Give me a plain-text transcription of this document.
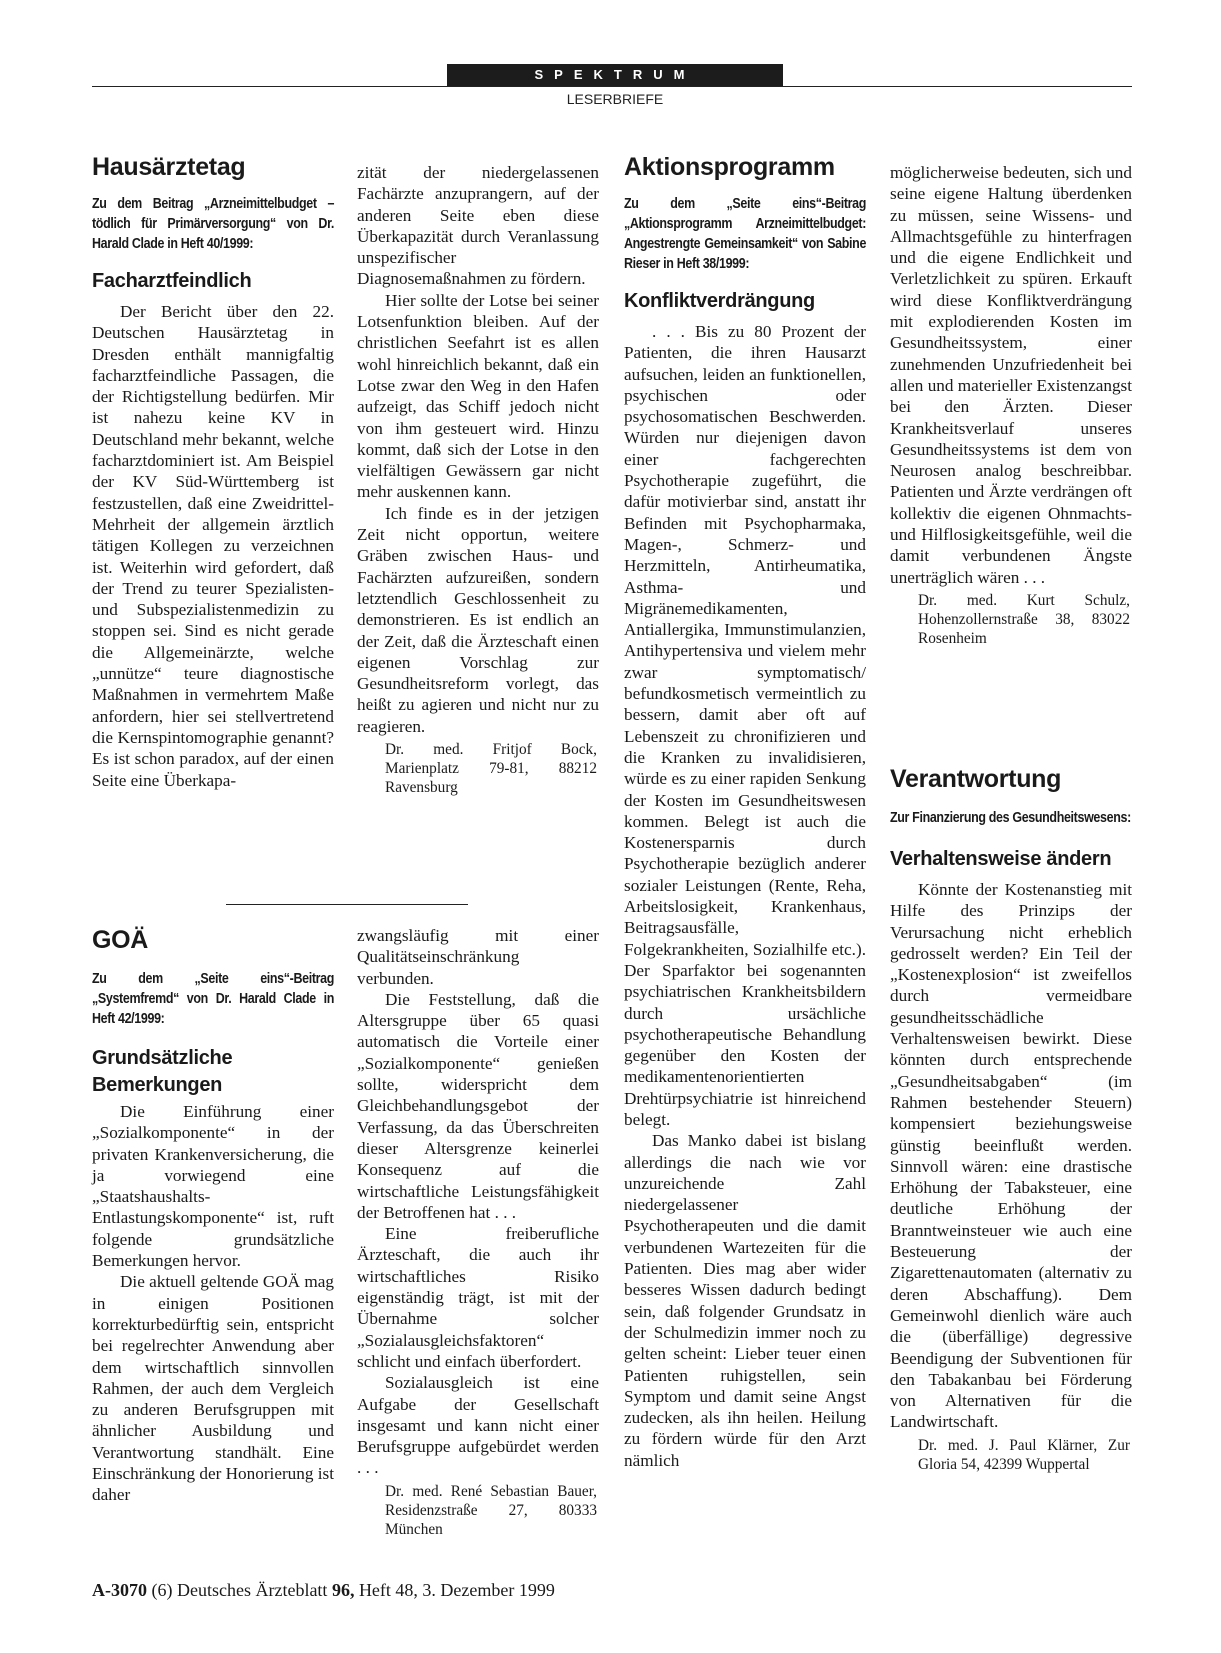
SPEKTRUM
LESERBRIEFE
Hausärztetag
Zu dem Beitrag „Arzneimittelbudget – tödlich für Primärversorgung“ von Dr. Harald Clade in Heft 40/1999:
Facharztfeindlich

Der Bericht über den 22. Deutschen Hausärztetag in Dresden enthält mannigfaltig facharztfeindliche Passagen, die der Richtigstellung bedürfen. Mir ist nahezu keine KV in Deutschland mehr bekannt, welche facharztdominiert ist. Am Beispiel der KV Süd-Württemberg ist festzustellen, daß eine Zweidrittel-Mehrheit der allgemein ärztlich tätigen Kollegen zu verzeichnen ist. Weiterhin wird gefordert, daß der Trend zu teurer Spezialisten- und Subspezialistenmedizin zu stoppen sei. Sind es nicht gerade die Allgemeinärzte, welche „unnütze“ teure diagnostische Maßnahmen in vermehrtem Maße anfordern, hier sei stellvertretend die Kernspintomographie genannt? Es ist schon paradox, auf der einen Seite eine Überkapa-

zität der niedergelassenen Fachärzte anzuprangern, auf der anderen Seite eben diese Überkapazität durch Veranlassung unspezifischer Diagnosemaßnahmen zu fördern.

Hier sollte der Lotse bei seiner Lotsenfunktion bleiben. Auf der christlichen Seefahrt ist es allen wohl hinreichlich bekannt, daß ein Lotse zwar den Weg in den Hafen aufzeigt, das Schiff jedoch nicht von ihm gesteuert wird. Hinzu kommt, daß sich der Lotse in den vielfältigen Gewässern gar nicht mehr auskennen kann.

Ich finde es in der jetzigen Zeit nicht opportun, weitere Gräben zwischen Haus- und Fachärzten aufzureißen, sondern letztendlich Geschlossenheit zu demonstrieren. Es ist endlich an der Zeit, daß die Ärzteschaft einen eigenen Vorschlag zur Gesundheitsreform vorlegt, das heißt zu agieren und nicht nur zu reagieren.

Dr. med. Fritjof Bock, Marienplatz 79-81, 88212 Ravensburg
GOÄ
Zu dem „Seite eins“-Beitrag „Systemfremd“ von Dr. Harald Clade in Heft 42/1999:
Grundsätzliche Bemerkungen

Die Einführung einer „Sozialkomponente“ in der privaten Krankenversicherung, die ja vorwiegend eine „Staatshaushalts-Entlastungskomponente“ ist, ruft folgende grundsätzliche Bemerkungen hervor.

Die aktuell geltende GOÄ mag in einigen Positionen korrekturbedürftig sein, entspricht bei regelrechter Anwendung aber dem wirtschaftlich sinnvollen Rahmen, der auch dem Vergleich zu anderen Berufsgruppen mit ähnlicher Ausbildung und Verantwortung standhält. Eine Einschränkung der Honorierung ist daher

zwangsläufig mit einer Qualitätseinschränkung verbunden.

Die Feststellung, daß die Altersgruppe über 65 quasi automatisch die Vorteile einer „Sozialkomponente“ genießen sollte, widerspricht dem Gleichbehandlungsgebot der Verfassung, da das Überschreiten dieser Altersgrenze keinerlei Konsequenz auf die wirtschaftliche Leistungsfähigkeit der Betroffenen hat . . .

Eine freiberufliche Ärzteschaft, die auch ihr wirtschaftliches Risiko eigenständig trägt, ist mit der Übernahme solcher „Sozialausgleichsfaktoren“ schlicht und einfach überfordert.

Sozialausgleich ist eine Aufgabe der Gesellschaft insgesamt und kann nicht einer Berufsgruppe aufgebürdet werden . . .

Dr. med. René Sebastian Bauer, Residenzstraße 27, 80333 München
Aktionsprogramm
Zu dem „Seite eins“-Beitrag „Aktionsprogramm Arzneimittelbudget: Angestrengte Gemeinsamkeit“ von Sabine Rieser in Heft 38/1999:
Konfliktverdrängung

. . . Bis zu 80 Prozent der Patienten, die ihren Hausarzt aufsuchen, leiden an funktionellen, psychischen oder psychosomatischen Beschwerden. Würden nur diejenigen davon einer fachgerechten Psychotherapie zugeführt, die dafür motivierbar sind, anstatt ihr Befinden mit Psychopharmaka, Magen-, Schmerz- und Herzmitteln, Antirheumatika, Asthma- und Migränemedikamenten, Antiallergika, Immunstimulanzien, Antihypertensiva und vielem mehr zwar symptomatisch/ befundkosmetisch vermeintlich zu bessern, damit aber oft auf Lebenszeit zu chronifizieren und die Kranken zu invalidisieren, würde es zu einer rapiden Senkung der Kosten im Gesundheitswesen kommen. Belegt ist auch die Kostenersparnis durch Psychotherapie bezüglich anderer sozialer Leistungen (Rente, Reha, Arbeitslosigkeit, Krankenhaus, Beitragsausfälle, Folgekrankheiten, Sozialhilfe etc.). Der Sparfaktor bei sogenannten psychiatrischen Krankheitsbildern durch ursächliche psychotherapeutische Behandlung gegenüber den Kosten der medikamentenorientierten Drehtürpsychiatrie ist hinreichend belegt.

Das Manko dabei ist bislang allerdings die nach wie vor unzureichende Zahl niedergelassener Psychotherapeuten und die damit verbundenen Wartezeiten für die Patienten. Dies mag aber wider besseres Wissen dadurch bedingt sein, daß folgender Grundsatz in der Schulmedizin immer noch zu gelten scheint: Lieber teuer einen Patienten ruhigstellen, sein Symptom und damit seine Angst zudecken, als ihn heilen. Heilung zu fördern würde für den Arzt nämlich

möglicherweise bedeuten, sich und seine eigene Haltung überdenken zu müssen, seine Wissens- und Allmachtsgefühle zu hinterfragen und die eigene Endlichkeit und Verletzlichkeit zu spüren. Erkauft wird diese Konfliktverdrängung mit explodierenden Kosten im Gesundheitssystem, einer zunehmenden Unzufriedenheit bei allen und materieller Existenzangst bei den Ärzten. Dieser Krankheitsverlauf unseres Gesundheitssystems ist dem von Neurosen analog beschreibbar. Patienten und Ärzte verdrängen oft kollektiv die eigenen Ohnmachts- und Hilflosigkeitsgefühle, weil die damit verbundenen Ängste unerträglich wären . . .

Dr. med. Kurt Schulz, Hohenzollernstraße 38, 83022 Rosenheim
Verantwortung
Zur Finanzierung des Gesundheitswesens:
Verhaltensweise ändern

Könnte der Kostenanstieg mit Hilfe des Prinzips der Verursachung nicht erheblich gedrosselt werden? Ein Teil der „Kostenexplosion“ ist zweifellos durch vermeidbare gesundheitsschädliche Verhaltensweisen bewirkt. Diese könnten durch entsprechende „Gesundheitsabgaben“ (im Rahmen bestehender Steuern) kompensiert beziehungsweise günstig beeinflußt werden. Sinnvoll wären: eine drastische Erhöhung der Tabaksteuer, eine deutliche Erhöhung der Branntweinsteuer wie auch eine Besteuerung der Zigarettenautomaten (alternativ zu deren Abschaffung). Dem Gemeinwohl dienlich wäre auch die (überfällige) degressive Beendigung der Subventionen für den Tabakanbau bei Förderung von Alternativen für die Landwirtschaft.

Dr. med. J. Paul Klärner, Zur Gloria 54, 42399 Wuppertal
A-3070 (6) Deutsches Ärzteblatt 96, Heft 48, 3. Dezember 1999
